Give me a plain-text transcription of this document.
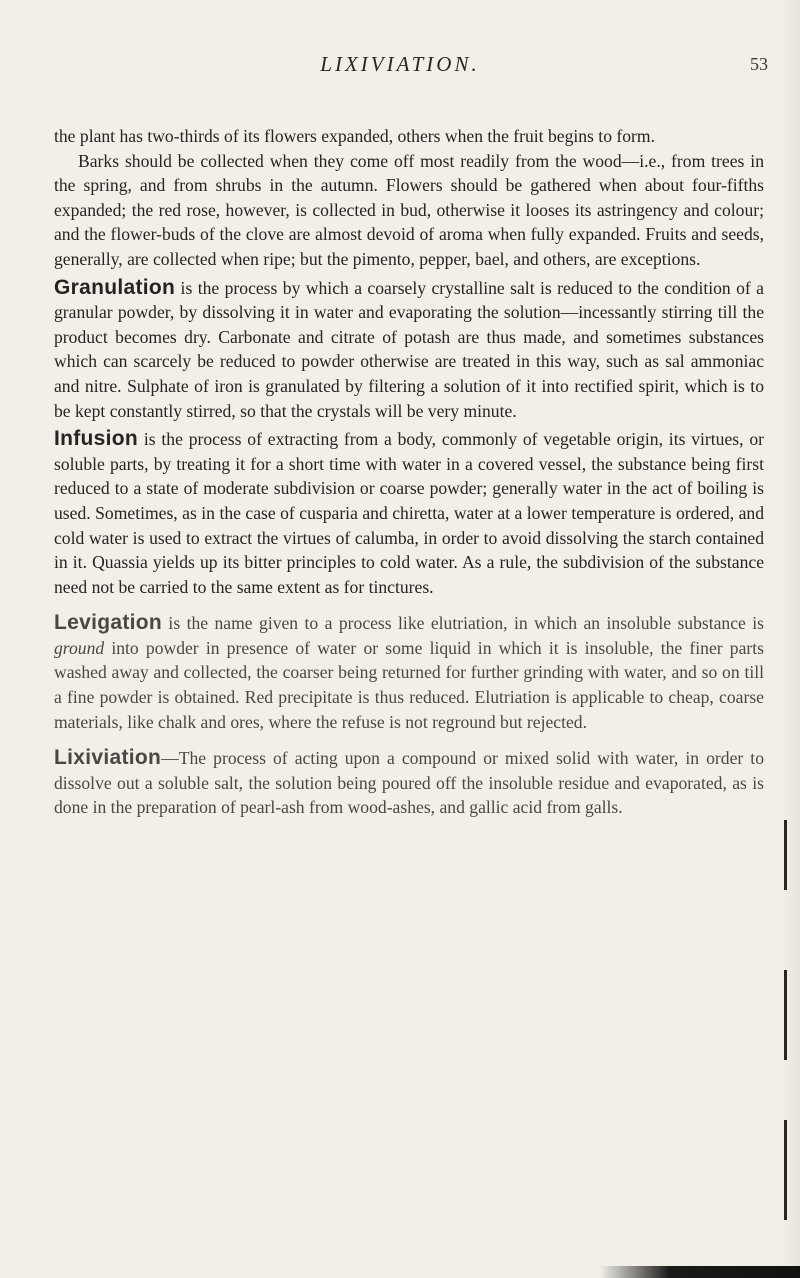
LIXIVIATION.	53

the plant has two-thirds of its flowers expanded, others when the fruit begins to form.

Barks should be collected when they come off most readily from the wood—i.e., from trees in the spring, and from shrubs in the autumn. Flowers should be gathered when about four-fifths expanded; the red rose, however, is collected in bud, otherwise it looses its astringency and colour; and the flower-buds of the clove are almost devoid of aroma when fully expanded. Fruits and seeds, generally, are collected when ripe; but the pimento, pepper, bael, and others, are exceptions.

Granulation is the process by which a coarsely crystalline salt is reduced to the condition of a granular powder, by dissolving it in water and evaporating the solution—incessantly stirring till the product becomes dry. Carbonate and citrate of potash are thus made, and sometimes substances which can scarcely be reduced to powder otherwise are treated in this way, such as sal ammoniac and nitre. Sulphate of iron is granulated by filtering a solution of it into rectified spirit, which is to be kept constantly stirred, so that the crystals will be very minute.

Infusion is the process of extracting from a body, commonly of vegetable origin, its virtues, or soluble parts, by treating it for a short time with water in a covered vessel, the substance being first reduced to a state of moderate subdivision or coarse powder; generally water in the act of boiling is used. Sometimes, as in the case of cusparia and chiretta, water at a lower temperature is ordered, and cold water is used to extract the virtues of calumba, in order to avoid dissolving the starch contained in it. Quassia yields up its bitter principles to cold water. As a rule, the subdivision of the substance need not be carried to the same extent as for tinctures.

Levigation is the name given to a process like elutriation, in which an insoluble substance is ground into powder in presence of water or some liquid in which it is insoluble, the finer parts washed away and collected, the coarser being returned for further grinding with water, and so on till a fine powder is obtained. Red precipitate is thus reduced. Elutriation is applicable to cheap, coarse materials, like chalk and ores, where the refuse is not reground but rejected.

Lixiviation—The process of acting upon a compound or mixed solid with water, in order to dissolve out a soluble salt, the solution being poured off the insoluble residue and evaporated, as is done in the preparation of pearl-ash from wood-ashes, and gallic acid from galls.
